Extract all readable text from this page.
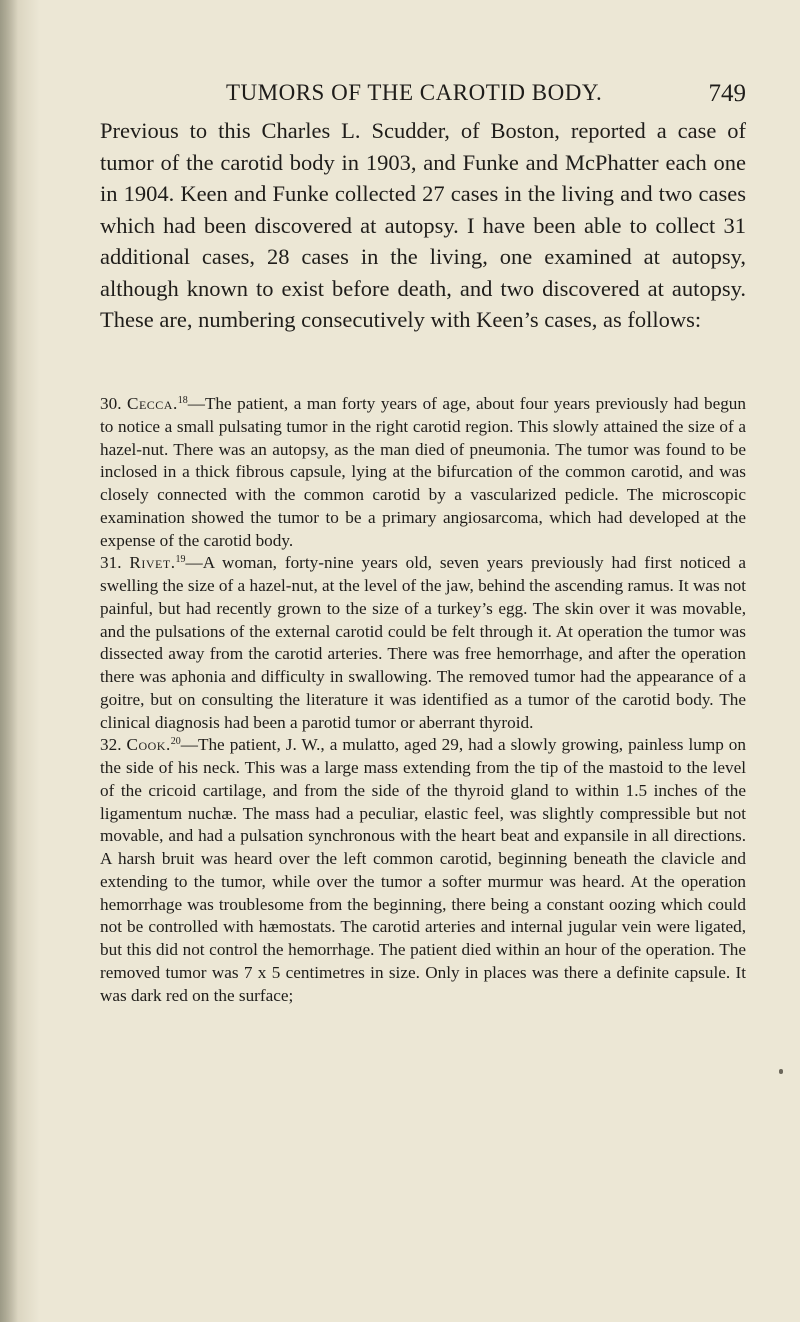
TUMORS OF THE CAROTID BODY.	749

Previous to this Charles L. Scudder, of Boston, reported a case of tumor of the carotid body in 1903, and Funke and McPhatter each one in 1904. Keen and Funke collected 27 cases in the living and two cases which had been discovered at autopsy. I have been able to collect 31 additional cases, 28 cases in the living, one examined at autopsy, although known to exist before death, and two discovered at autopsy. These are, numbering consecutively with Keen’s cases, as follows:

30. Cecca.$^{18}$—The patient, a man forty years of age, about four years previously had begun to notice a small pulsating tumor in the right carotid region. This slowly attained the size of a hazel-nut. There was an autopsy, as the man died of pneumonia. The tumor was found to be inclosed in a thick fibrous capsule, lying at the bifurcation of the common carotid, and was closely connected with the common carotid by a vascularized pedicle. The microscopic examination showed the tumor to be a primary angiosarcoma, which had developed at the expense of the carotid body.

31. Rivet.$^{19}$—A woman, forty-nine years old, seven years previously had first noticed a swelling the size of a hazel-nut, at the level of the jaw, behind the ascending ramus. It was not painful, but had recently grown to the size of a turkey’s egg. The skin over it was movable, and the pulsations of the external carotid could be felt through it. At operation the tumor was dissected away from the carotid arteries. There was free hemorrhage, and after the operation there was aphonia and difficulty in swallowing. The removed tumor had the appearance of a goitre, but on consulting the literature it was identified as a tumor of the carotid body. The clinical diagnosis had been a parotid tumor or aberrant thyroid.

32. Cook.$^{20}$—The patient, J. W., a mulatto, aged 29, had a slowly growing, painless lump on the side of his neck. This was a large mass extending from the tip of the mastoid to the level of the cricoid cartilage, and from the side of the thyroid gland to within 1.5 inches of the ligamentum nuchæ. The mass had a peculiar, elastic feel, was slightly compressible but not movable, and had a pulsation synchronous with the heart beat and expansile in all directions. A harsh bruit was heard over the left common carotid, beginning beneath the clavicle and extending to the tumor, while over the tumor a softer murmur was heard. At the operation hemorrhage was troublesome from the beginning, there being a constant oozing which could not be controlled with hæmostats. The carotid arteries and internal jugular vein were ligated, but this did not control the hemorrhage. The patient died within an hour of the operation. The removed tumor was 7 x 5 centimetres in size. Only in places was there a definite capsule. It was dark red on the surface;
